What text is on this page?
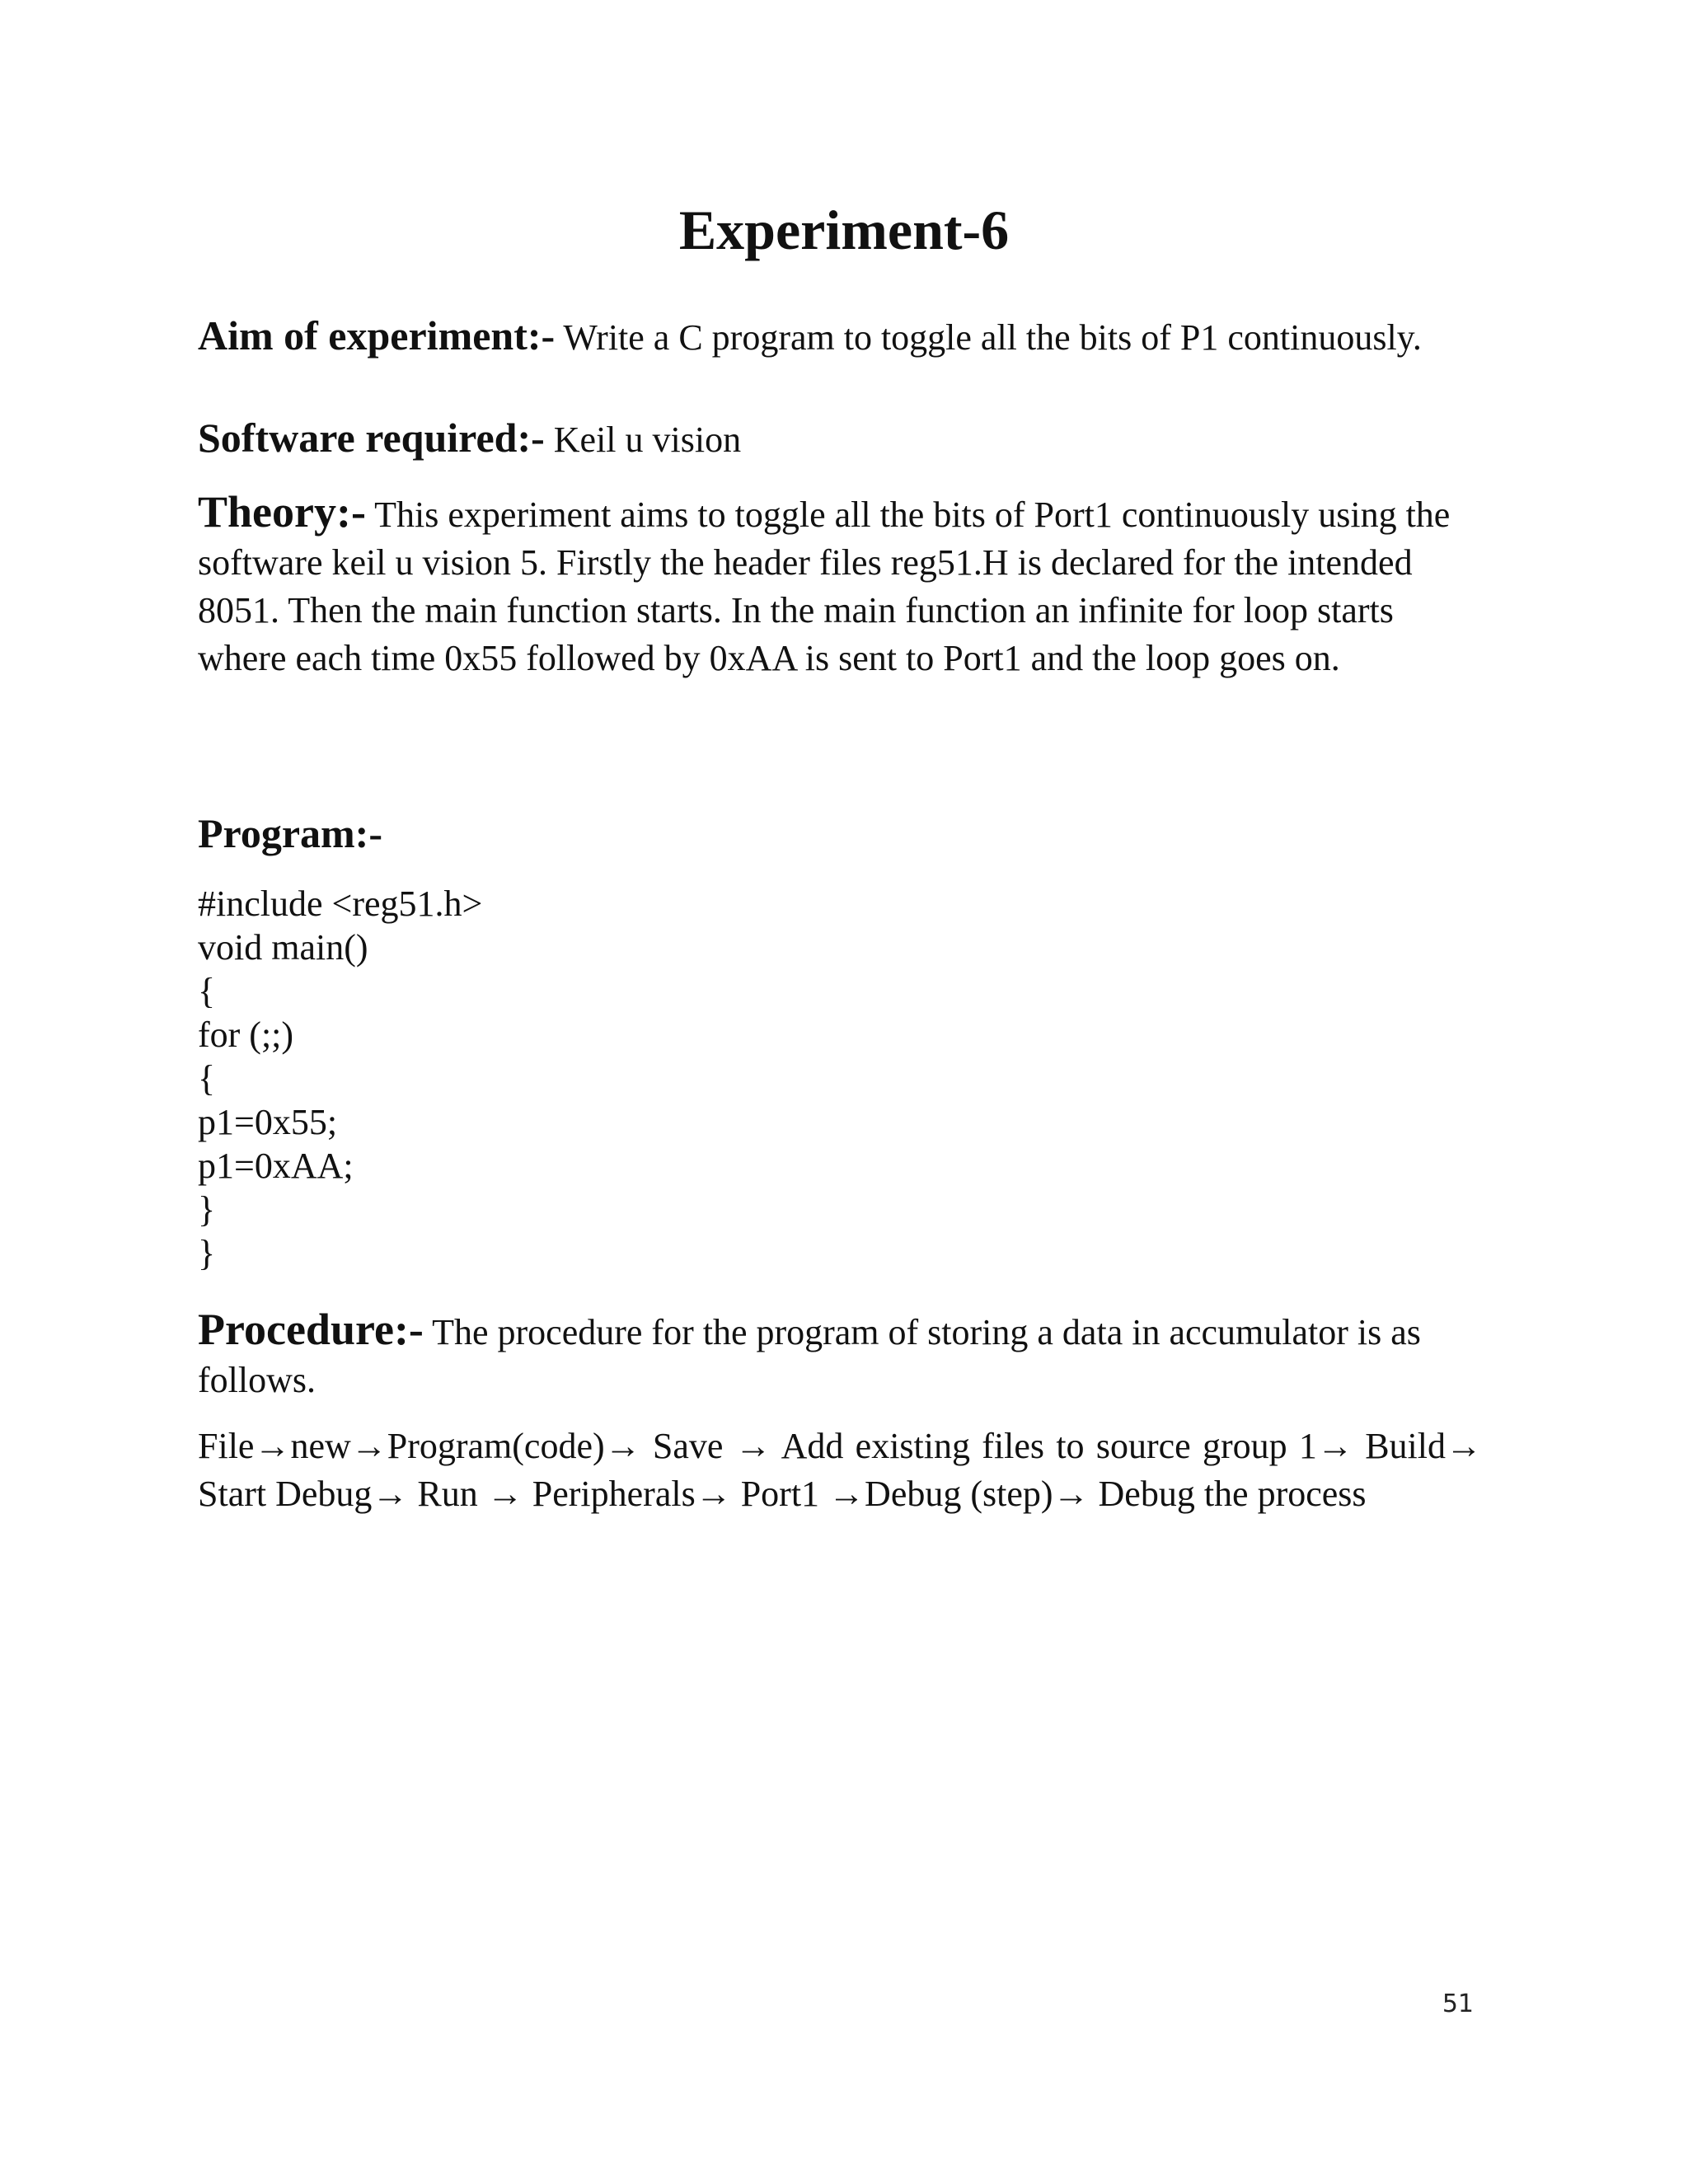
Experiment-6

Aim of experiment:- Write a C program to toggle all the bits of P1 continuously.

Software required:- Keil u vision

Theory:- This experiment aims to toggle all the bits of Port1 continuously using the software keil u vision 5. Firstly the header files reg51.H is declared for the intended 8051. Then the main function starts. In the main function an infinite for loop starts where each time 0x55 followed by 0xAA is sent to Port1 and the loop goes on.

Program:-

#include <reg51.h>
void main()
{
for (;;)
{
p1=0x55;
p1=0xAA;
}
}

Procedure:- The procedure for the program of storing a data in accumulator is as follows.

File→new→Program(code)→ Save → Add existing files to source group 1→ Build→ Start Debug→ Run → Peripherals→ Port1 →Debug (step)→ Debug the process

51
